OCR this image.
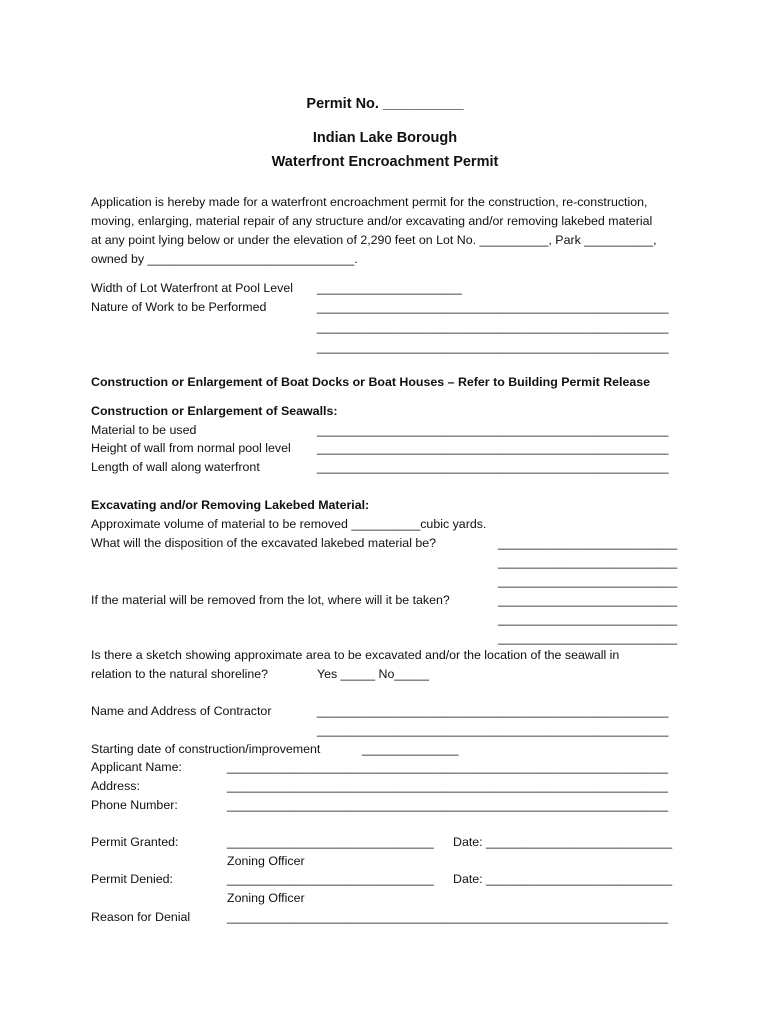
Permit No. __________
Indian Lake Borough
Waterfront Encroachment Permit
Application is hereby made for a waterfront encroachment permit for the construction, re-construction,
moving, enlarging, material repair of any structure and/or excavating and/or removing lakebed material
at any point lying below or under the elevation of 2,290 feet on Lot No. __________, Park __________,
owned by ______________________________.
Width of Lot Waterfront at Pool Level _____________________
Nature of Work to be Performed	___________________________________________________
___________________________________________________
___________________________________________________
Construction or Enlargement of Boat Docks or Boat Houses – Refer to Building Permit Release
Construction or Enlargement of Seawalls:
Material to be used	___________________________________________________
Height of wall from normal pool level ___________________________________________________
Length of wall along waterfront	___________________________________________________
Excavating and/or Removing Lakebed Material:
Approximate volume of material to be removed __________cubic yards.
What will the disposition of the excavated lakebed material be?	__________________________
__________________________
__________________________
If the material will be removed from the lot, where will it be taken?	__________________________
__________________________
__________________________
Is there a sketch showing approximate area to be excavated and/or the location of the seawall in
relation to the natural shoreline?	Yes _____ No_____
Name and Address of Contractor	___________________________________________________
___________________________________________________
Starting date of construction/improvement	______________
Applicant Name:	________________________________________________________________
Address:	________________________________________________________________
Phone Number:	________________________________________________________________
Permit Granted:	______________________________ Date: ___________________________
Zoning Officer
Permit Denied:	______________________________ Date: ___________________________
Zoning Officer
Reason for Denial	________________________________________________________________
